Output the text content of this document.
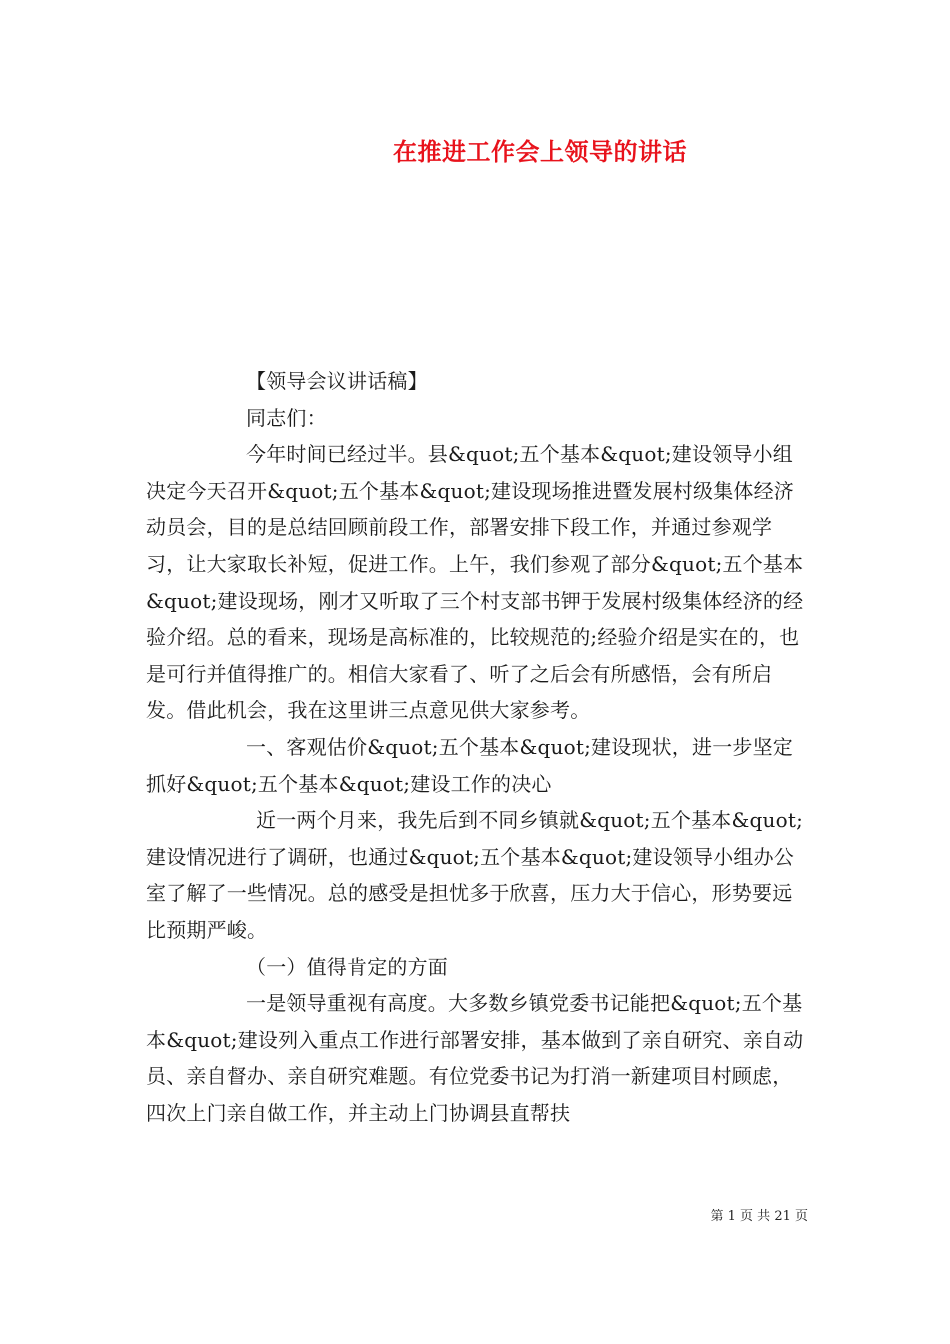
在推进工作会上领导的讲话

【领导会议讲话稿】

同志们：

今年时间已经过半。县&quot;五个基本&quot;建设领导小组决定今天召开&quot;五个基本&quot;建设现场推进暨发展村级集体经济动员会，目的是总结回顾前段工作，部署安排下段工作，并通过参观学习，让大家取长补短，促进工作。上午，我们参观了部分&quot;五个基本&quot;建设现场，刚才又听取了三个村支部书钾于发展村级集体经济的经验介绍。总的看来，现场是高标准的，比较规范的;经验介绍是实在的，也是可行并值得推广的。相信大家看了、听了之后会有所感悟，会有所启发。借此机会，我在这里讲三点意见供大家参考。

一、客观估价&quot;五个基本&quot;建设现状，进一步坚定抓好&quot;五个基本&quot;建设工作的决心

近一两个月来，我先后到不同乡镇就&quot;五个基本&quot;建设情况进行了调研，也通过&quot;五个基本&quot;建设领导小组办公室了解了一些情况。总的感受是担忧多于欣喜，压力大于信心，形势要远比预期严峻。

（一）值得肯定的方面

一是领导重视有高度。大多数乡镇党委书记能把&quot;五个基本&quot;建设列入重点工作进行部署安排，基本做到了亲自研究、亲自动员、亲自督办、亲自研究难题。有位党委书记为打消一新建项目村顾虑，四次上门亲自做工作，并主动上门协调县直帮扶

第 1 页 共 21 页
